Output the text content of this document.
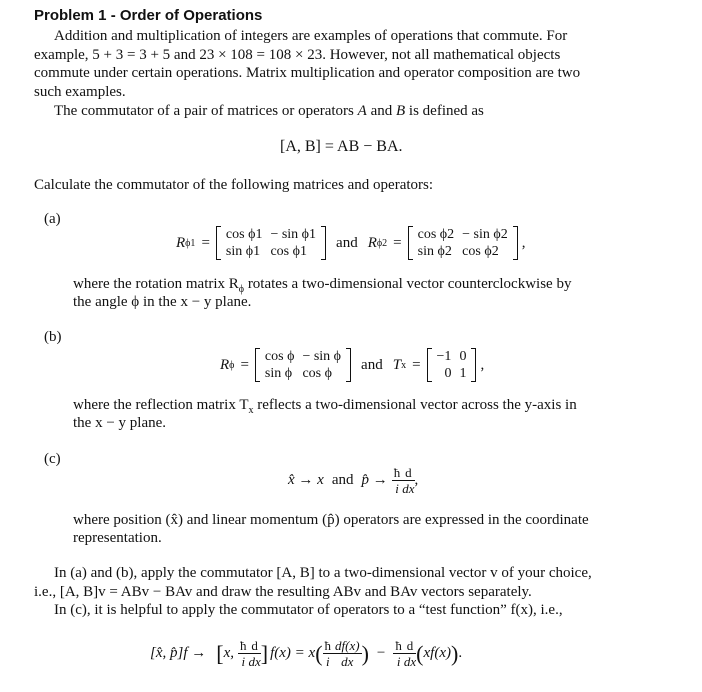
Problem 1 - Order of Operations
Addition and multiplication of integers are examples of operations that commute. For
example, 5 + 3 = 3 + 5 and 23 × 108 = 108 × 23. However, not all mathematical objects
commute under certain operations. Matrix multiplication and operator composition are two
such examples.
The commutator of a pair of matrices or operators A and B is defined as
[A, B] = AB − BA.
Calculate the commutator of the following matrices and operators:
(a)
R ϕ1 = cos ϕ1	− sin ϕ1
sin ϕ1	cos ϕ1
and R ϕ2 = cos ϕ2	− sin ϕ2
sin ϕ2	cos ϕ2
,
where the rotation matrix $R_\phi$ rotates a two-dimensional vector counterclockwise by
the angle ϕ in the x − y plane.
(b)
R ϕ = cos ϕ	− sin ϕ
sin ϕ	cos ϕ
and T x = −1	0
0	1
,
where the reflection matrix $T_x$ reflects a two-dimensional vector across the y-axis in
the x − y plane.
(c)
x̂ → x and p̂ → $\frac{ħ}{i} \frac{d}{dx}$ ,
where position (x̂) and linear momentum (p̂) operators are expressed in the coordinate
representation.
In (a) and (b), apply the commutator [A, B] to a two-dimensional vector v of your choice,
i.e., [A, B]v = ABv − BAv and draw the resulting ABv and BAv vectors separately.
In (c), it is helpful to apply the commutator of operators to a “test function” f(x), i.e.,
[x̂, p̂]f → [ x, $\frac{ħ}{i} \frac{d}{dx}$ ] f(x) = x ( $\frac{ħ}{i} \frac{df(x)}{dx}$ ) − $\frac{ħ}{i} \frac{d}{dx}$ ( xf(x) ) .
